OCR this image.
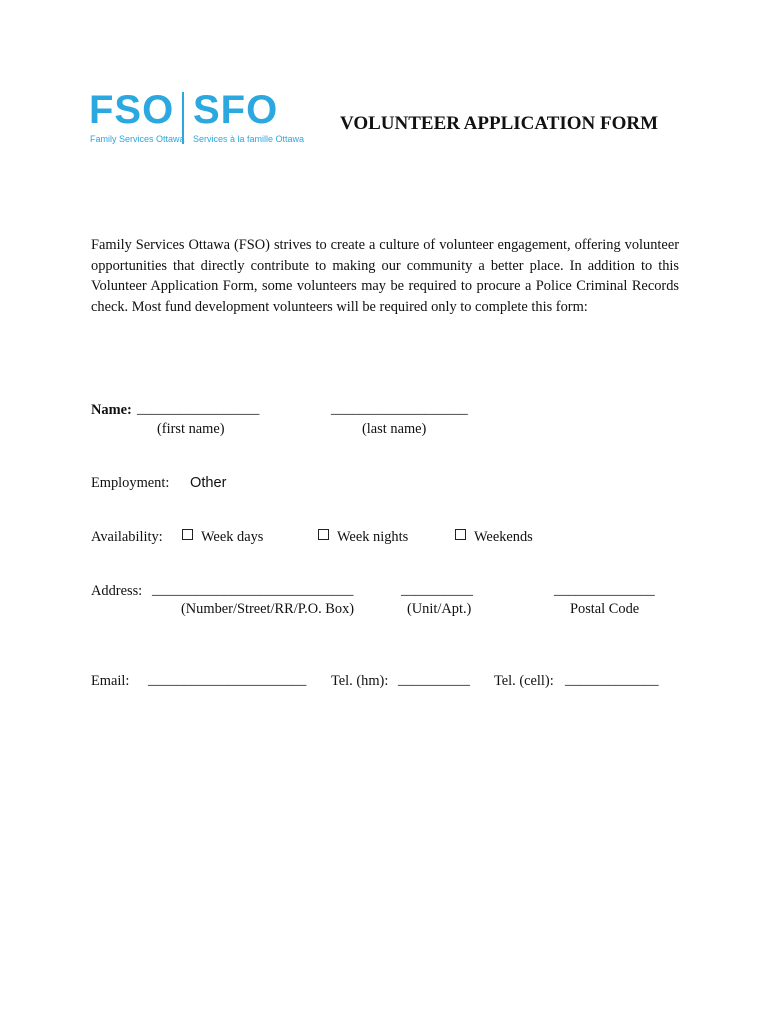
FSO SFO
Family Services Ottawa Services à la famille Ottawa
VOLUNTEER APPLICATION FORM
Family Services Ottawa (FSO) strives to create a culture of volunteer engagement, offering volunteer opportunities that directly contribute to making our community a better place. In addition to this Volunteer Application Form, some volunteers may be required to procure a Police Criminal Records check. Most fund development volunteers will be required only to complete this form:
Name: _________________	___________________
(first name)	(last name)
Employment: Other
Availability:	Week days	Week nights	Weekends
Address: ____________________________	__________	______________
(Number/Street/RR/P.O. Box)	(Unit/Apt.)	Postal Code
Email: ______________________ Tel. (hm): __________ Tel. (cell): _____________
